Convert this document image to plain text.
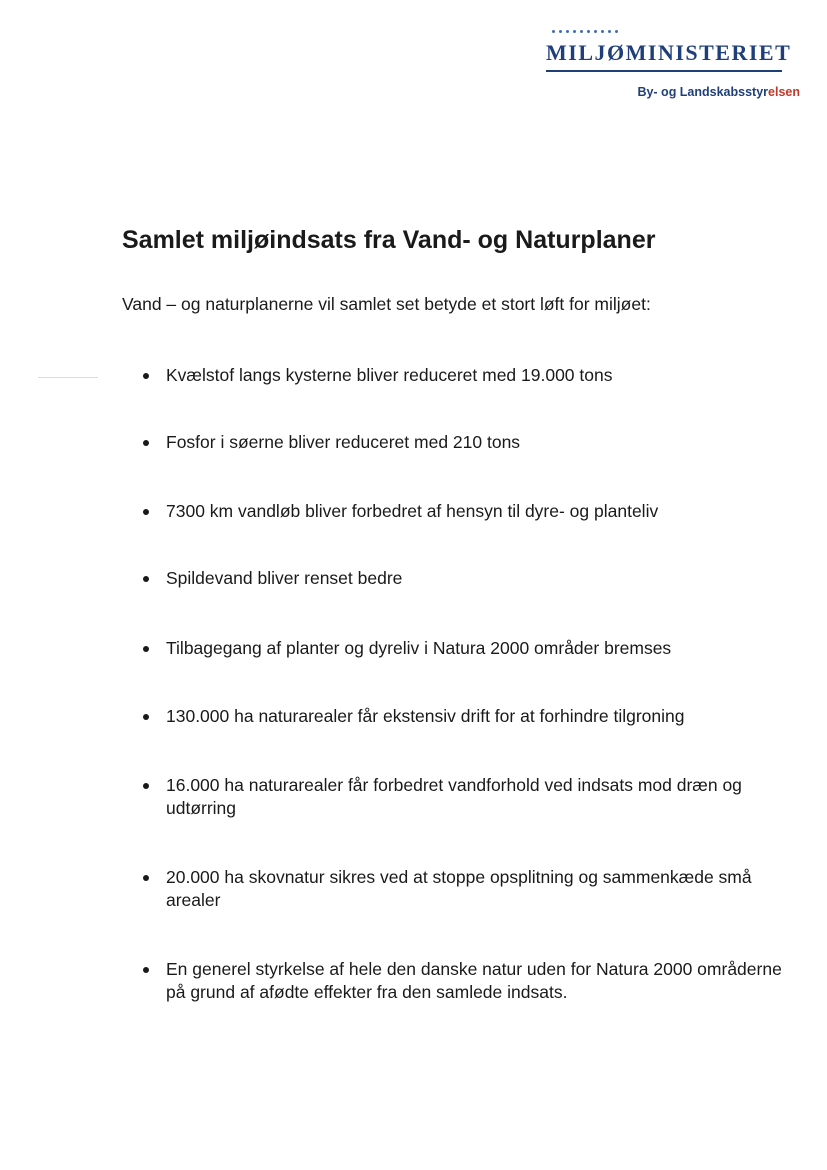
MILJØMINISTERIET
By- og Landskabsstyrelsen
Samlet miljøindsats fra Vand- og Naturplaner

Vand – og naturplanerne vil samlet set betyde et stort løft for miljøet:

Kvælstof langs kysterne bliver reduceret med 19.000 tons
Fosfor i søerne bliver reduceret med 210 tons
7300 km vandløb bliver forbedret af hensyn til dyre- og planteliv
Spildevand bliver renset bedre
Tilbagegang af planter og dyreliv i Natura 2000 områder bremses
130.000 ha naturarealer får ekstensiv drift for at forhindre tilgroning
16.000 ha naturarealer får forbedret vandforhold ved indsats mod dræn og udtørring
20.000 ha skovnatur sikres ved at stoppe opsplitning og sammenkæde små arealer
En generel styrkelse af hele den danske natur uden for Natura 2000 områderne på grund af afødte effekter fra den samlede indsats.
